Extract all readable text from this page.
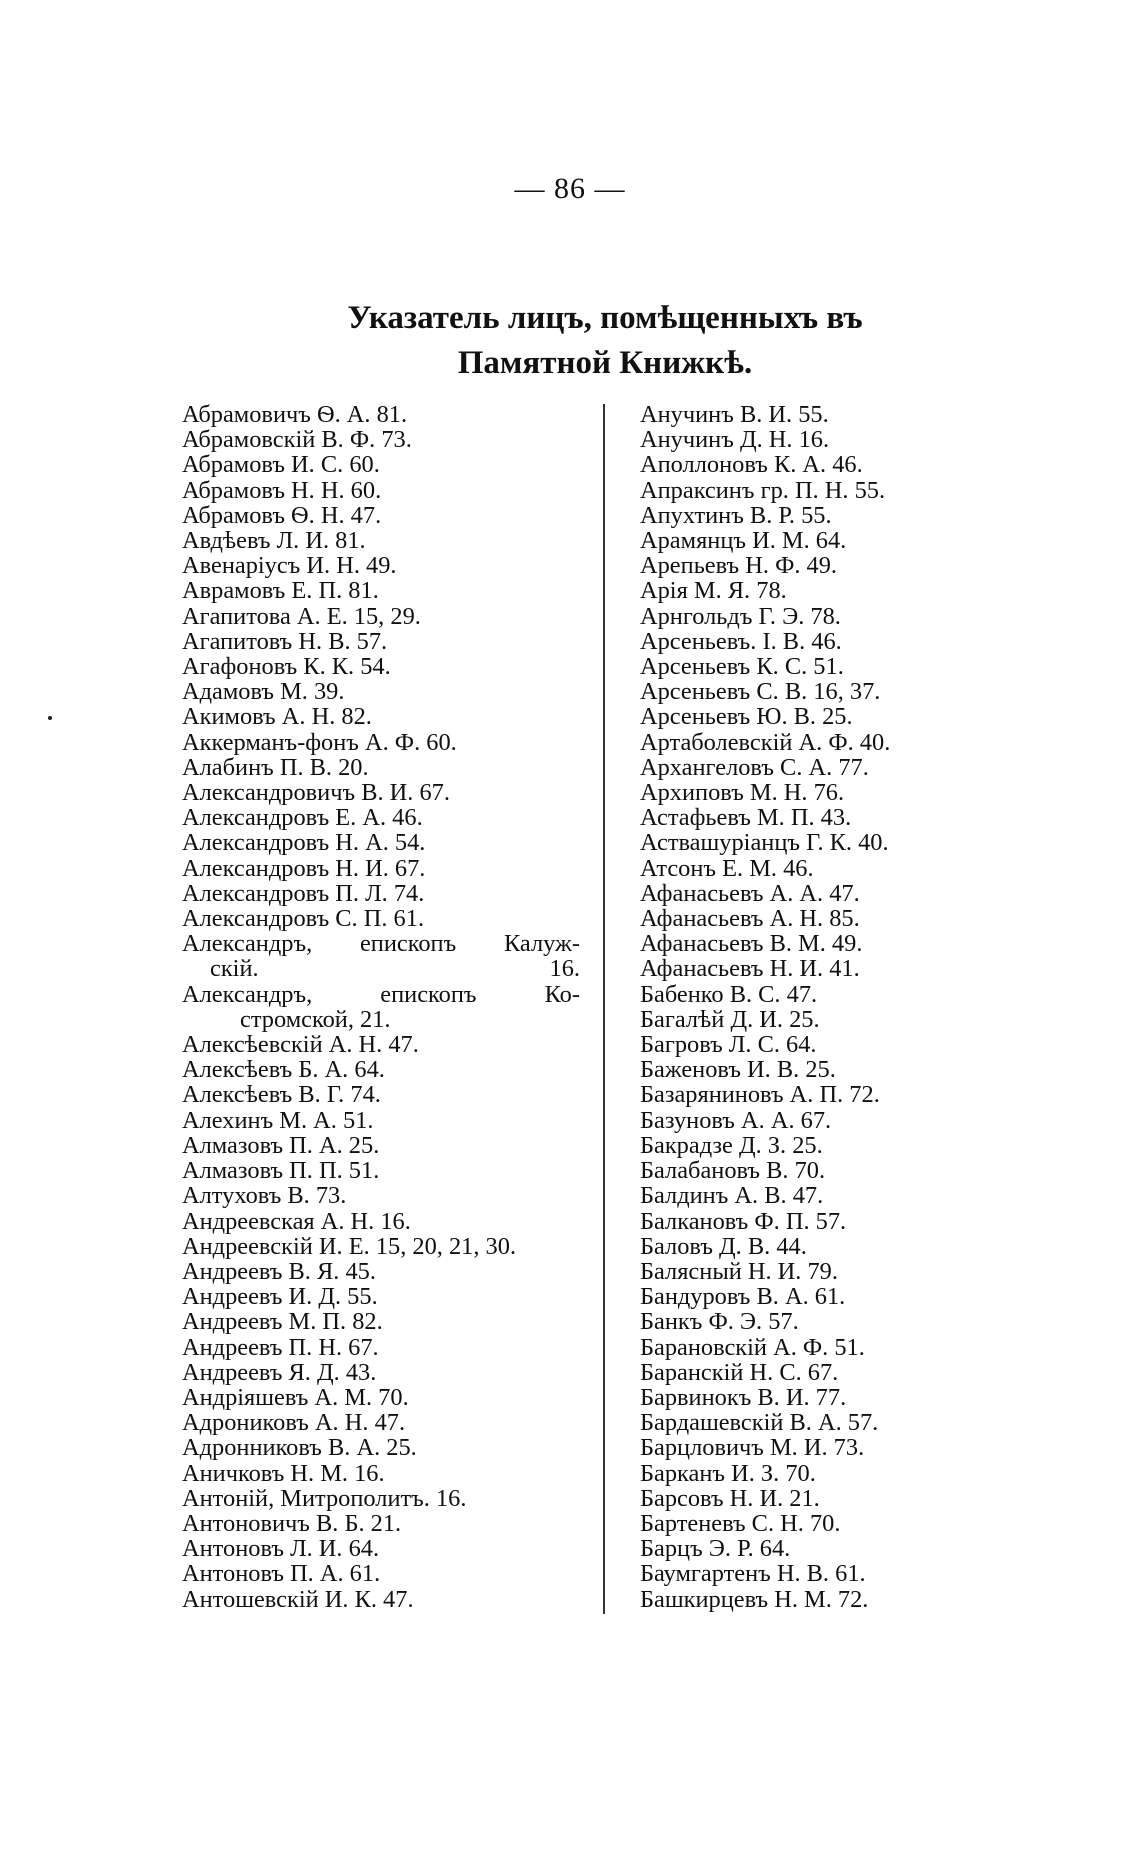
— 86 —
Указатель лицъ, помѣщенныхъ въ
Памятной Книжкѣ.
Абрамовичъ Ѳ. А. 81.
Абрамовскій В. Ф. 73.
Абрамовъ И. С. 60.
Абрамовъ Н. Н. 60.
Абрамовъ Ѳ. Н. 47.
Авдѣевъ Л. И. 81.
Авенаріусъ И. Н. 49.
Аврамовъ Е. П. 81.
Агапитова А. Е. 15, 29.
Агапитовъ Н. В. 57.
Агафоновъ К. К. 54.
Адамовъ М. 39.
Акимовъ А. Н. 82.
Аккерманъ-фонъ А. Ф. 60.
Алабинъ П. В. 20.
Александровичъ В. И. 67.
Александровъ Е. А. 46.
Александровъ Н. А. 54.
Александровъ Н. И. 67.
Александровъ П. Л. 74.
Александровъ С. П. 61.
Александръ, епископъ Калуж-
скій. 16.
Александръ, епископъ Ко-
стромской, 21.
Алексѣевскій А. Н. 47.
Алексѣевъ Б. А. 64.
Алексѣевъ В. Г. 74.
Алехинъ М. А. 51.
Алмазовъ П. А. 25.
Алмазовъ П. П. 51.
Алтуховъ В. 73.
Андреевская А. Н. 16.
Андреевскій И. Е. 15, 20, 21, 30.
Андреевъ В. Я. 45.
Андреевъ И. Д. 55.
Андреевъ М. П. 82.
Андреевъ П. Н. 67.
Андреевъ Я. Д. 43.
Андріяшевъ А. М. 70.
Адрониковъ А. Н. 47.
Адронниковъ В. А. 25.
Аничковъ Н. М. 16.
Антоній, Митрополитъ. 16.
Антоновичъ В. Б. 21.
Антоновъ Л. И. 64.
Антоновъ П. А. 61.
Антошевскій И. К. 47.
Анучинъ В. И. 55.
Анучинъ Д. Н. 16.
Аполлоновъ К. А. 46.
Апраксинъ гр. П. Н. 55.
Апухтинъ В. Р. 55.
Арамянцъ И. М. 64.
Арепьевъ Н. Ф. 49.
Арія М. Я. 78.
Арнгольдъ Г. Э. 78.
Арсеньевъ. І. В. 46.
Арсеньевъ К. С. 51.
Арсеньевъ С. В. 16, 37.
Арсеньевъ Ю. В. 25.
Артаболевскій А. Ф. 40.
Архангеловъ С. А. 77.
Архиповъ М. Н. 76.
Астафьевъ М. П. 43.
Аствашуріанцъ Г. К. 40.
Атсонъ Е. М. 46.
Афанасьевъ А. А. 47.
Афанасьевъ А. Н. 85.
Афанасьевъ В. М. 49.
Афанасьевъ Н. И. 41.
Бабенко В. С. 47.
Багалѣй Д. И. 25.
Багровъ Л. С. 64.
Баженовъ И. В. 25.
Базаряниновъ А. П. 72.
Базуновъ А. А. 67.
Бакрадзе Д. З. 25.
Балабановъ В. 70.
Балдинъ А. В. 47.
Балкановъ Ф. П. 57.
Баловъ Д. В. 44.
Балясный Н. И. 79.
Бандуровъ В. А. 61.
Банкъ Ф. Э. 57.
Барановскій А. Ф. 51.
Баранскій Н. С. 67.
Барвинокъ В. И. 77.
Бардашевскій В. А. 57.
Барцловичъ М. И. 73.
Барканъ И. З. 70.
Барсовъ Н. И. 21.
Бартеневъ С. Н. 70.
Барцъ Э. Р. 64.
Баумгартенъ Н. В. 61.
Башкирцевъ Н. М. 72.
